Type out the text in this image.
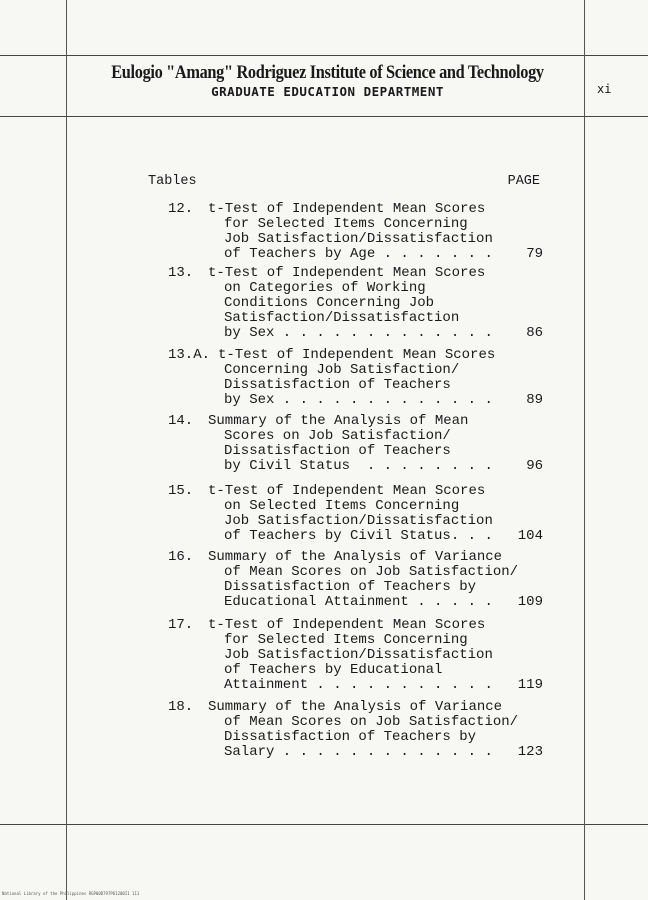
Eulogio "Amang" Rodriguez Institute of Science and Technology
GRADUATE EDUCATION DEPARTMENT	xi
Tables	PAGE
12. t-Test of Independent Mean Scores
for Selected Items Concerning
Job Satisfaction/Dissatisfaction
of Teachers by Age . . . . . . . 79
13. t-Test of Independent Mean Scores
on Categories of Working
Conditions Concerning Job
Satisfaction/Dissatisfaction
by Sex . . . . . . . . . . . . . 86
13.A. t-Test of Independent Mean Scores
Concerning Job Satisfaction/
Dissatisfaction of Teachers
by Sex . . . . . . . . . . . . . 89
14. Summary of the Analysis of Mean
Scores on Job Satisfaction/
Dissatisfaction of Teachers
by Civil Status  . . . . . . . . 96
15. t-Test of Independent Mean Scores
on Selected Items Concerning
Job Satisfaction/Dissatisfaction
of Teachers by Civil Status. . . 104
16. Summary of the Analysis of Variance
of Mean Scores on Job Satisfaction/
Dissatisfaction of Teachers by
Educational Attainment . . . . . 109
17. t-Test of Independent Mean Scores
for Selected Items Concerning
Job Satisfaction/Dissatisfaction
of Teachers by Educational
Attainment . . . . . . . . . . . 119
18. Summary of the Analysis of Variance
of Mean Scores on Job Satisfaction/
Dissatisfaction of Teachers by
Salary . . . . . . . . . . . . . 123
National Library of the Philippines RGP00D797P61200I1 111
